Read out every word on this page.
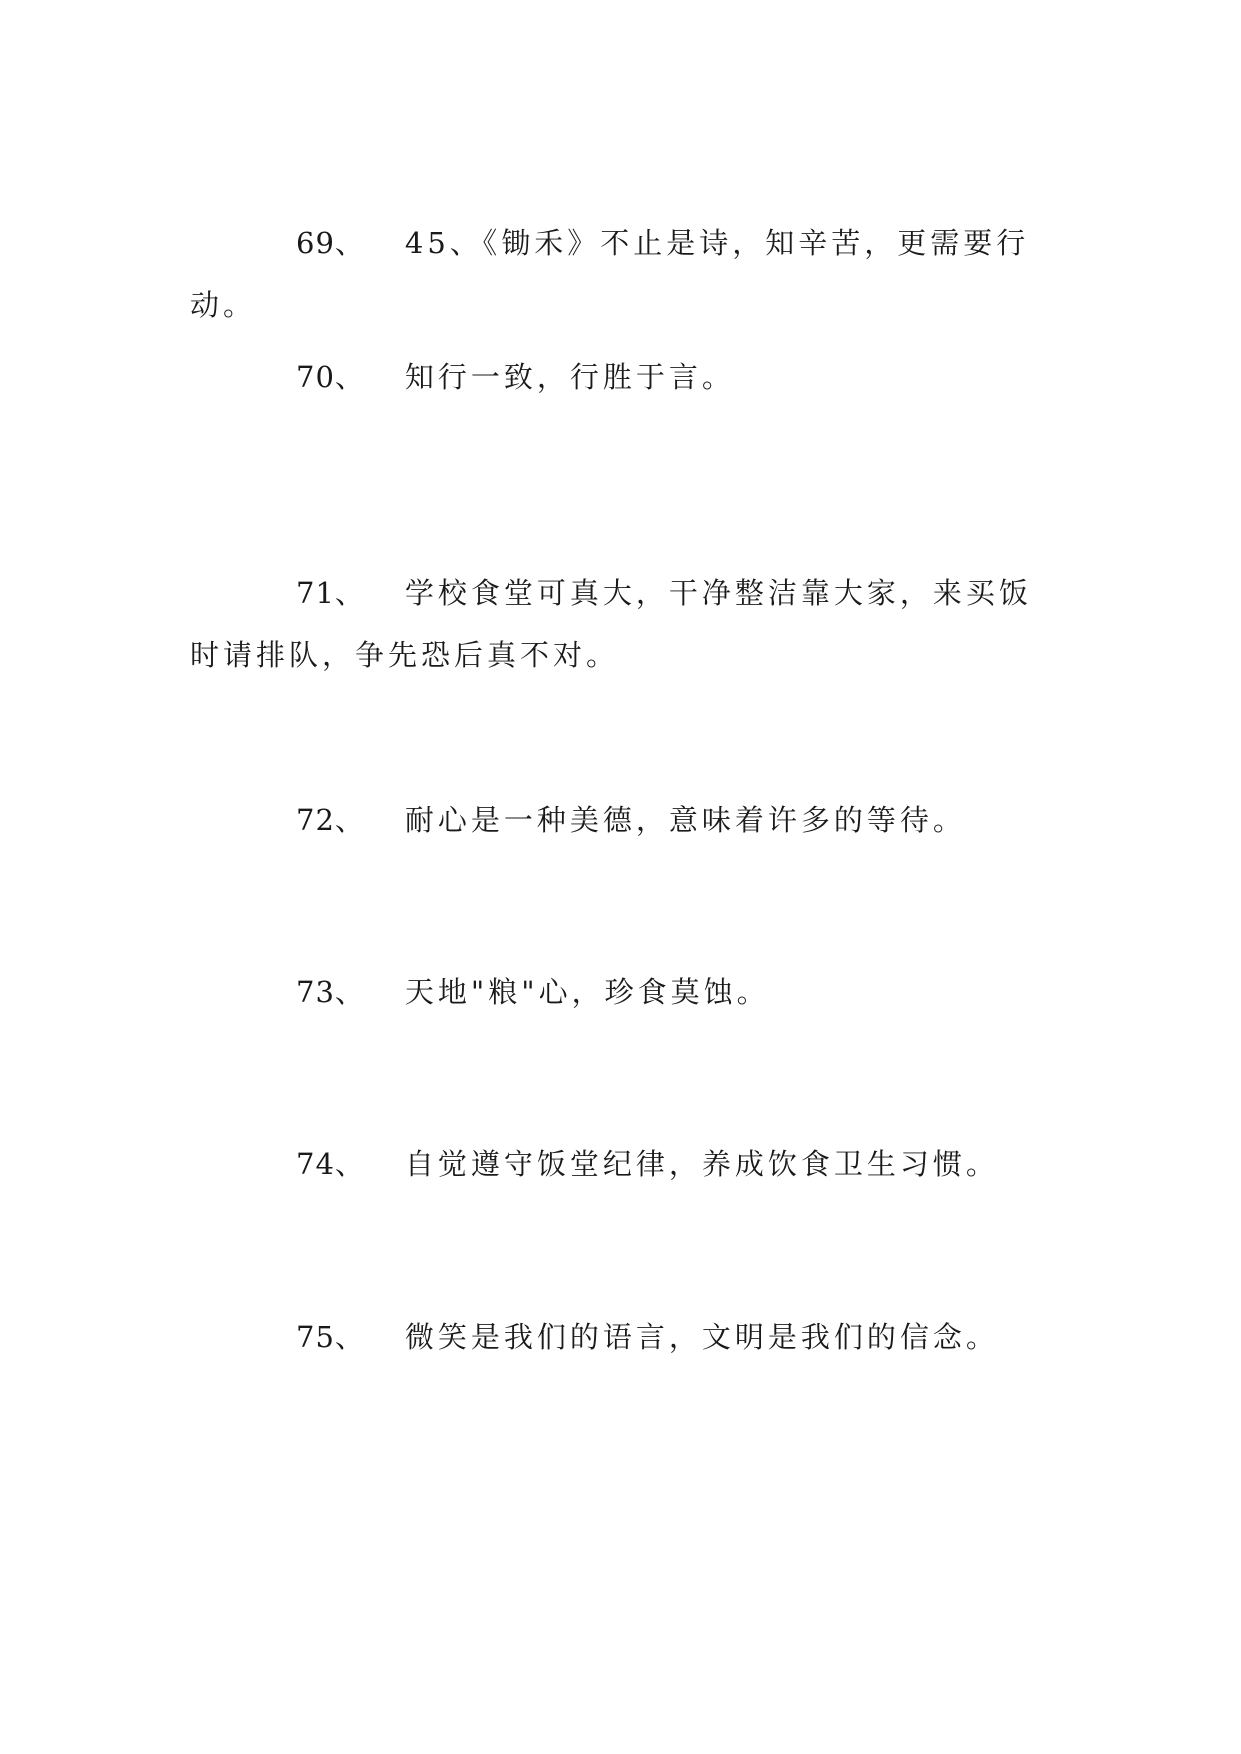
69、 45、《锄禾》不止是诗，知辛苦，更需要行动。

70、 知行一致，行胜于言。

71、 学校食堂可真大，干净整洁靠大家，来买饭时请排队，争先恐后真不对。

72、 耐心是一种美德，意味着许多的等待。

73、 天地"粮"心，珍食莫蚀。

74、 自觉遵守饭堂纪律，养成饮食卫生习惯。

75、 微笑是我们的语言，文明是我们的信念。
